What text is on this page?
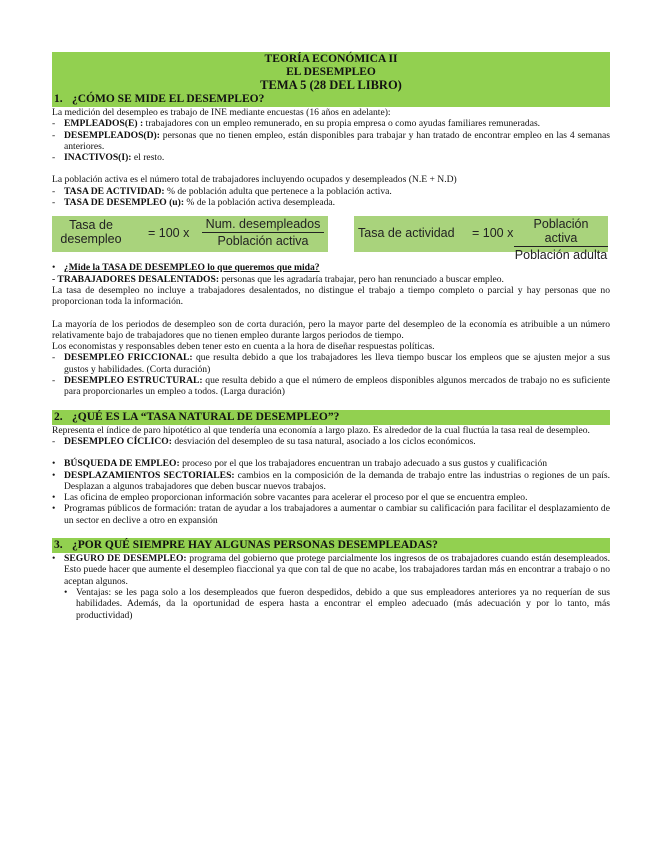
TEORÍA ECONÓMICA II
EL DESEMPLEO
TEMA 5 (28 DEL LIBRO)
1. ¿CÓMO SE MIDE EL DESEMPLEO?

La medición del desempleo es trabajo de INE mediante encuestas (16 años en adelante):

- EMPLEADOS(E) : trabajadores con un empleo remunerado, en su propia empresa o como ayudas familiares remuneradas.
- DESEMPLEADOS(D): personas que no tienen empleo, están disponibles para trabajar y han tratado de encontrar empleo en las 4 semanas anteriores.
- INACTIVOS(I): el resto.

La población activa es el número total de trabajadores incluyendo ocupados y desempleados (N.E + N.D)

- TASA DE ACTIVIDAD: % de población adulta que pertenece a la población activa.
- TASA DE DESEMPLEO (u): % de la población activa desempleada.
Tasa de
desempleo = 100 x
Num. desempleados
Población activa
Tasa de actividad = 100 x
Población activa
Población adulta
• ¿Mide la TASA DE DESEMPLEO lo que queremos que mida?

- TRABAJADORES DESALENTADOS: personas que les agradaría trabajar, pero han renunciado a buscar empleo.

La tasa de desempleo no incluye a trabajadores desalentados, no distingue el trabajo a tiempo completo o parcial y hay personas que no proporcionan toda la información.

La mayoría de los periodos de desempleo son de corta duración, pero la mayor parte del desempleo de la economía es atribuible a un número relativamente bajo de trabajadores que no tienen empleo durante largos periodos de tiempo.

Los economistas y responsables deben tener esto en cuenta a la hora de diseñar respuestas políticas.

- DESEMPLEO FRICCIONAL: que resulta debido a que los trabajadores les lleva tiempo buscar los empleos que se ajusten mejor a sus gustos y habilidades. (Corta duración)
- DESEMPLEO ESTRUCTURAL: que resulta debido a que el número de empleos disponibles algunos mercados de trabajo no es suficiente para proporcionarles un empleo a todos. (Larga duración)
2. ¿QUÉ ES LA “TASA NATURAL DE DESEMPLEO”?

Representa el índice de paro hipotético al que tendería una economía a largo plazo. Es alrededor de la cual fluctúa la tasa real de desempleo.

- DESEMPLEO CÍCLICO: desviación del desempleo de su tasa natural, asociado a los ciclos económicos.
• BÚSQUEDA DE EMPLEO: proceso por el que los trabajadores encuentran un trabajo adecuado a sus gustos y cualificación
• DESPLAZAMIENTOS SECTORIALES: cambios en la composición de la demanda de trabajo entre las industrias o regiones de un país. Desplazan a algunos trabajadores que deben buscar nuevos trabajos.
• Las oficina de empleo proporcionan información sobre vacantes para acelerar el proceso por el que se encuentra empleo.
• Programas públicos de formación: tratan de ayudar a los trabajadores a aumentar o cambiar su calificación para facilitar el desplazamiento de un sector en declive a otro en expansión
3. ¿POR QUÉ SIEMPRE HAY ALGUNAS PERSONAS DESEMPLEADAS?
• SEGURO DE DESEMPLEO: programa del gobierno que protege parcialmente los ingresos de os trabajadores cuando están desempleados. Esto puede hacer que aumente el desempleo fiaccional ya que con tal de que no acabe, los trabajadores tardan más en encontrar a trabajo o no aceptan algunos.
• Ventajas: se les paga solo a los desempleados que fueron despedidos, debido a que sus empleadores anteriores ya no requerían de sus habilidades. Además, da la oportunidad de espera hasta a encontrar el empleo adecuado (más adecuación y por lo tanto, más productividad)
